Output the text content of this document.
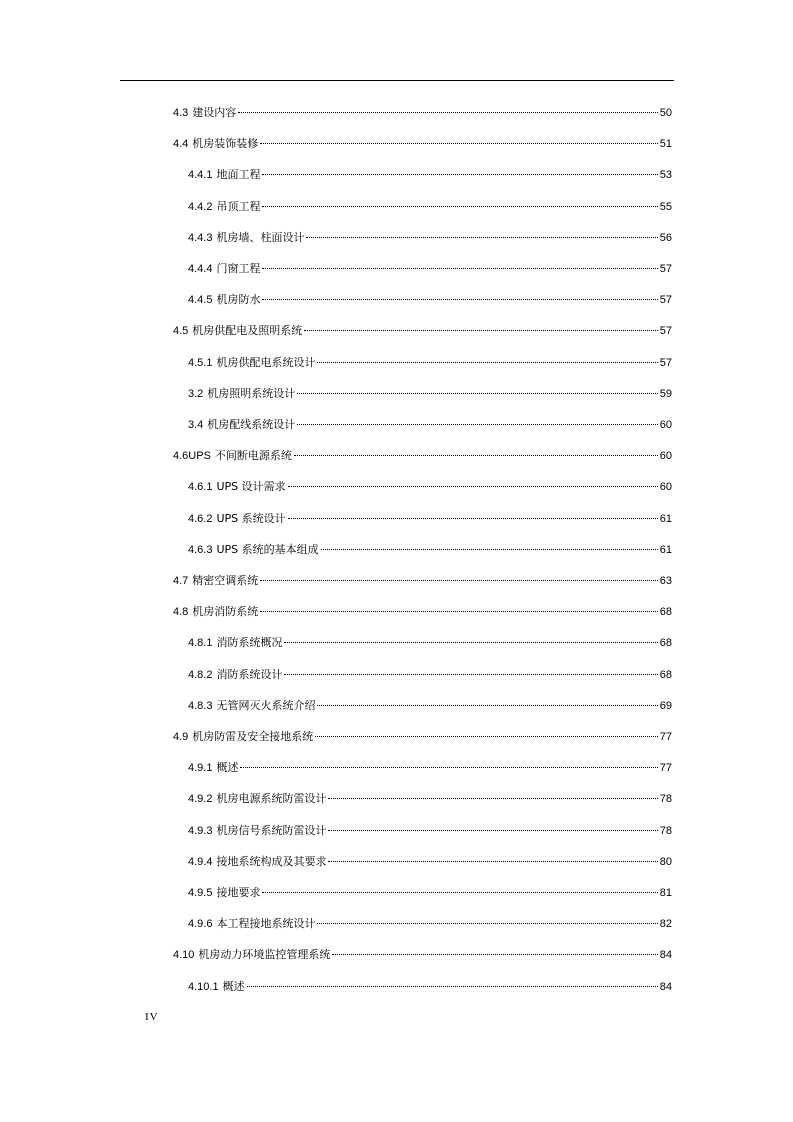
4.3 建设内容	50
4.4 机房装饰装修	51
4.4.1 地面工程	53
4.4.2 吊顶工程	55
4.4.3 机房墙、柱面设计	56
4.4.4 门窗工程	57
4.4.5 机房防水	57
4.5 机房供配电及照明系统	57
4.5.1 机房供配电系统设计	57
3.2 机房照明系统设计	59
3.4 机房配线系统设计	60
4.6UPS 不间断电源系统	60
4.6.1 UPS 设计需求	60
4.6.2 UPS 系统设计	61
4.6.3 UPS 系统的基本组成	61
4.7 精密空调系统	63
4.8 机房消防系统	68
4.8.1 消防系统概况	68
4.8.2 消防系统设计	68
4.8.3 无管网灭火系统介绍	69
4.9 机房防雷及安全接地系统	77
4.9.1 概述	77
4.9.2 机房电源系统防雷设计	78
4.9.3 机房信号系统防雷设计	78
4.9.4 接地系统构成及其要求	80
4.9.5 接地要求	81
4.9.6 本工程接地系统设计	82
4.10 机房动力环境监控管理系统	84
4.10.1 概述	84
IV
